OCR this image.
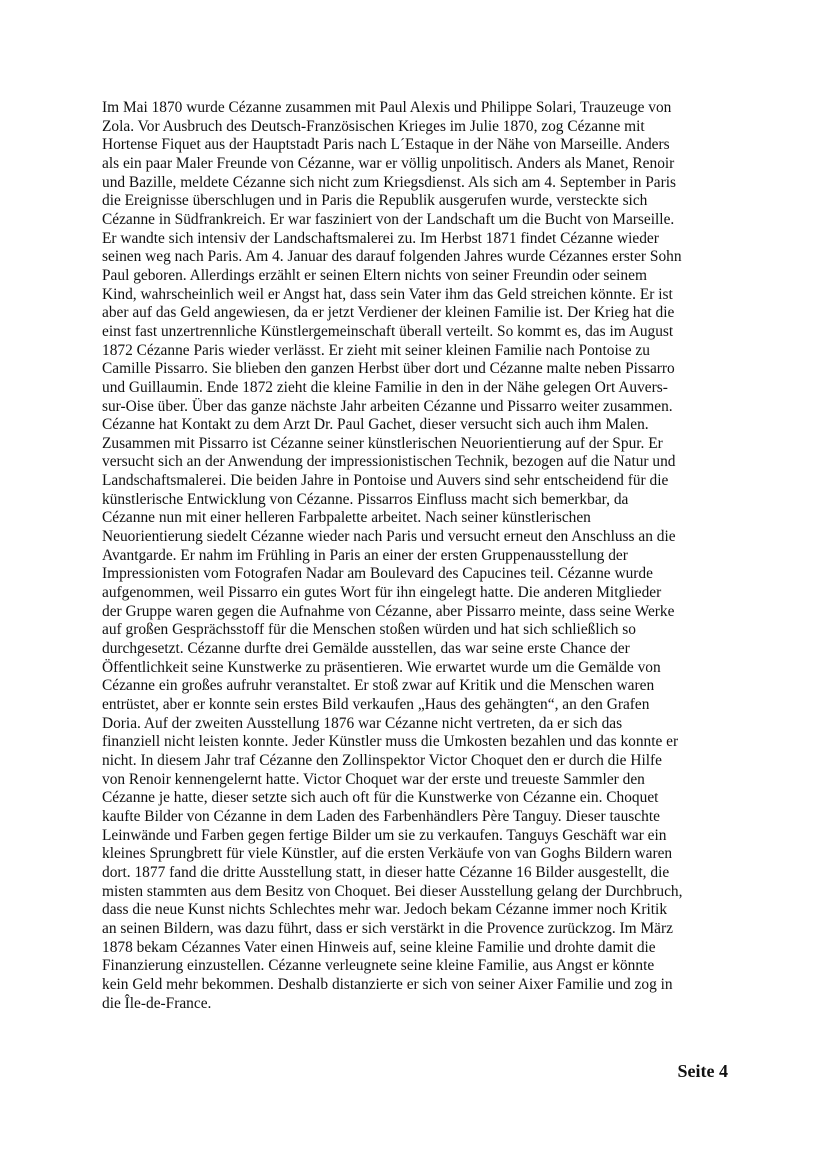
Im Mai 1870 wurde Cézanne zusammen mit Paul Alexis und Philippe Solari, Trauzeuge von
Zola. Vor Ausbruch des Deutsch-Französischen Krieges im Julie 1870, zog Cézanne mit
Hortense Fiquet aus der Hauptstadt Paris nach L´Estaque in der Nähe von Marseille. Anders
als ein paar Maler Freunde von Cézanne, war er völlig unpolitisch. Anders als Manet, Renoir
und Bazille, meldete Cézanne sich nicht zum Kriegsdienst. Als sich am 4. September in Paris
die Ereignisse überschlugen und in Paris die Republik ausgerufen wurde, versteckte sich
Cézanne in Südfrankreich. Er war fasziniert von der Landschaft um die Bucht von Marseille.
Er wandte sich intensiv der Landschaftsmalerei zu. Im Herbst 1871 findet Cézanne wieder
seinen weg nach Paris. Am 4. Januar des darauf folgenden Jahres wurde Cézannes erster Sohn
Paul geboren. Allerdings erzählt er seinen Eltern nichts von seiner Freundin oder seinem
Kind, wahrscheinlich weil er Angst hat, dass sein Vater ihm das Geld streichen könnte. Er ist
aber auf das Geld angewiesen, da er jetzt Verdiener der kleinen Familie ist. Der Krieg hat die
einst fast unzertrennliche Künstlergemeinschaft überall verteilt. So kommt es, das im August
1872 Cézanne Paris wieder verlässt. Er zieht mit seiner kleinen Familie nach Pontoise zu
Camille Pissarro. Sie blieben den ganzen Herbst über dort und Cézanne malte neben Pissarro
und Guillaumin. Ende 1872 zieht die kleine Familie in den in der Nähe gelegen Ort Auvers-
sur-Oise über. Über das ganze nächste Jahr arbeiten Cézanne und Pissarro weiter zusammen.
Cézanne hat Kontakt zu dem Arzt Dr. Paul Gachet, dieser versucht sich auch ihm Malen.
Zusammen mit Pissarro ist Cézanne seiner künstlerischen Neuorientierung auf der Spur. Er
versucht sich an der Anwendung der impressionistischen Technik, bezogen auf die Natur und
Landschaftsmalerei. Die beiden Jahre in Pontoise und Auvers sind sehr entscheidend für die
künstlerische Entwicklung von Cézanne. Pissarros Einfluss macht sich bemerkbar, da
Cézanne nun mit einer helleren Farbpalette arbeitet. Nach seiner künstlerischen
Neuorientierung siedelt Cézanne wieder nach Paris und versucht erneut den Anschluss an die
Avantgarde. Er nahm im Frühling in Paris an einer der ersten Gruppenausstellung der
Impressionisten vom Fotografen Nadar am Boulevard des Capucines teil. Cézanne wurde
aufgenommen, weil Pissarro ein gutes Wort für ihn eingelegt hatte. Die anderen Mitglieder
der Gruppe waren gegen die Aufnahme von Cézanne, aber Pissarro meinte, dass seine Werke
auf großen Gesprächsstoff für die Menschen stoßen würden und hat sich schließlich so
durchgesetzt. Cézanne durfte drei Gemälde ausstellen, das war seine erste Chance der
Öffentlichkeit seine Kunstwerke zu präsentieren. Wie erwartet wurde um die Gemälde von
Cézanne ein großes aufruhr veranstaltet. Er stoß zwar auf Kritik und die Menschen waren
entrüstet, aber er konnte sein erstes Bild verkaufen „Haus des gehängten“, an den Grafen
Doria. Auf der zweiten Ausstellung 1876 war Cézanne nicht vertreten, da er sich das
finanziell nicht leisten konnte. Jeder Künstler muss die Umkosten bezahlen und das konnte er
nicht. In diesem Jahr traf Cézanne den Zollinspektor Victor Choquet den er durch die Hilfe
von Renoir kennengelernt hatte. Victor Choquet war der erste und treueste Sammler den
Cézanne je hatte, dieser setzte sich auch oft für die Kunstwerke von Cézanne ein. Choquet
kaufte Bilder von Cézanne in dem Laden des Farbenhändlers Père Tanguy. Dieser tauschte
Leinwände und Farben gegen fertige Bilder um sie zu verkaufen. Tanguys Geschäft war ein
kleines Sprungbrett für viele Künstler, auf die ersten Verkäufe von van Goghs Bildern waren
dort. 1877 fand die dritte Ausstellung statt, in dieser hatte Cézanne 16 Bilder ausgestellt, die
misten stammten aus dem Besitz von Choquet. Bei dieser Ausstellung gelang der Durchbruch,
dass die neue Kunst nichts Schlechtes mehr war. Jedoch bekam Cézanne immer noch Kritik
an seinen Bildern, was dazu führt, dass er sich verstärkt in die Provence zurückzog. Im März
1878 bekam Cézannes Vater einen Hinweis auf, seine kleine Familie und drohte damit die
Finanzierung einzustellen. Cézanne verleugnete seine kleine Familie, aus Angst er könnte
kein Geld mehr bekommen. Deshalb distanzierte er sich von seiner Aixer Familie und zog in
die Île-de-France.
Seite 4
